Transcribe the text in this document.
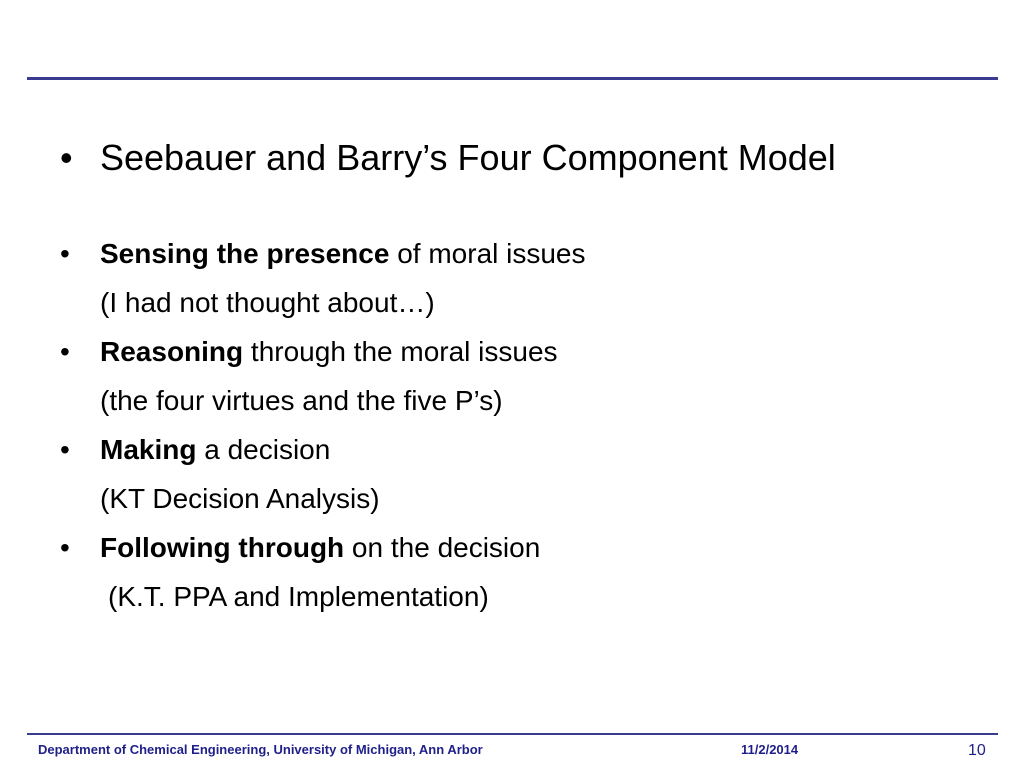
• Seebauer and Barry’s Four Component Model
• Sensing the presence of moral issues
(I had not thought about…)
• Reasoning through the moral issues
(the four virtues and the five P’s)
• Making a decision
(KT Decision Analysis)
• Following through on the decision
(K.T. PPA and Implementation)
Department of Chemical Engineering, University of Michigan, Ann Arbor	11/2/2014	10
